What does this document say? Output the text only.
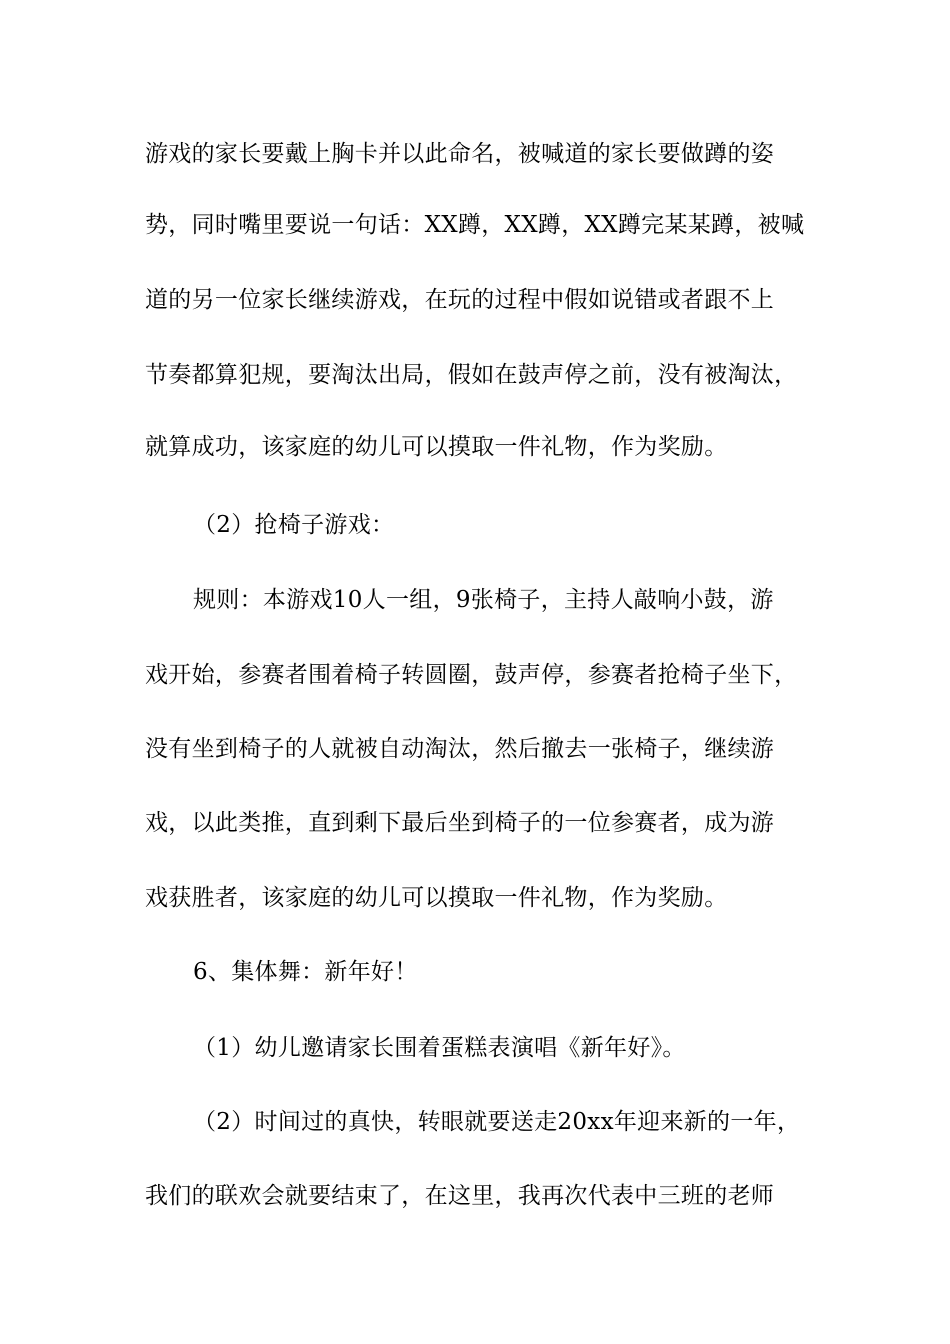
游戏的家长要戴上胸卡并以此命名，被喊道的家长要做蹲的姿
势，同时嘴里要说一句话：XX蹲，XX蹲，XX蹲完某某蹲，被喊
道的另一位家长继续游戏，在玩的过程中假如说错或者跟不上
节奏都算犯规，要淘汰出局，假如在鼓声停之前，没有被淘汰，
就算成功，该家庭的幼儿可以摸取一件礼物，作为奖励。
（2）抢椅子游戏：
规则：本游戏10人一组，9张椅子，主持人敲响小鼓，游
戏开始，参赛者围着椅子转圆圈，鼓声停，参赛者抢椅子坐下，
没有坐到椅子的人就被自动淘汰，然后撤去一张椅子，继续游
戏，以此类推，直到剩下最后坐到椅子的一位参赛者，成为游
戏获胜者，该家庭的幼儿可以摸取一件礼物，作为奖励。
6、集体舞：新年好！
（1）幼儿邀请家长围着蛋糕表演唱《新年好》。
（2）时间过的真快，转眼就要送走20xx年迎来新的一年，
我们的联欢会就要结束了，在这里，我再次代表中三班的老师
